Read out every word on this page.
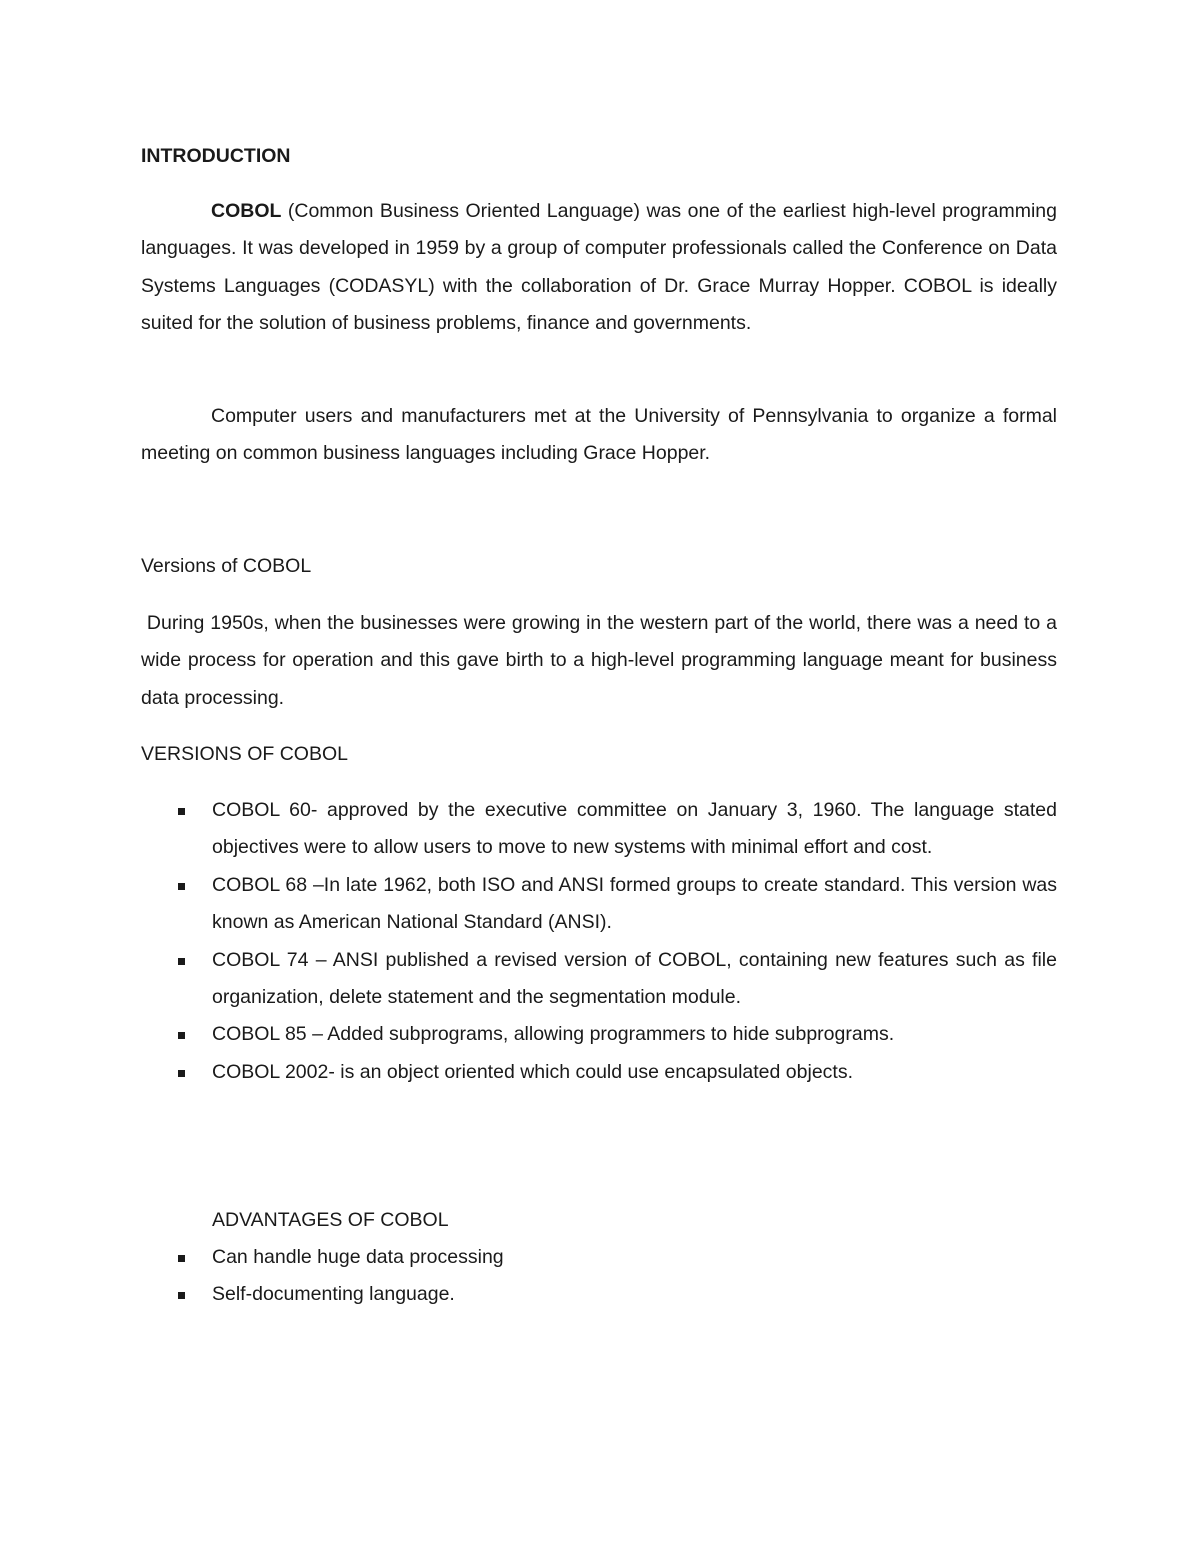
INTRODUCTION

COBOL (Common Business Oriented Language) was one of the earliest high-level programming languages. It was developed in 1959 by a group of computer professionals called the Conference on Data Systems Languages (CODASYL) with the collaboration of Dr. Grace Murray Hopper. COBOL is ideally suited for the solution of business problems, finance and governments.

Computer users and manufacturers met at the University of Pennsylvania to organize a formal meeting on common business languages including Grace Hopper.

Versions of COBOL

During 1950s, when the businesses were growing in the western part of the world, there was a need to a wide process for operation and this gave birth to a high-level programming language meant for business data processing.

VERSIONS OF COBOL

COBOL 60- approved by the executive committee on January 3, 1960. The language stated objectives were to allow users to move to new systems with minimal effort and cost.
COBOL 68 –In late 1962, both ISO and ANSI formed groups to create standard. This version was known as American National Standard (ANSI).
COBOL 74 – ANSI published a revised version of COBOL, containing new features such as file organization, delete statement and the segmentation module.
COBOL 85 – Added subprograms, allowing programmers to hide subprograms.
COBOL 2002- is an object oriented which could use encapsulated objects.

ADVANTAGES OF COBOL

Can handle huge data processing
Self-documenting language.
